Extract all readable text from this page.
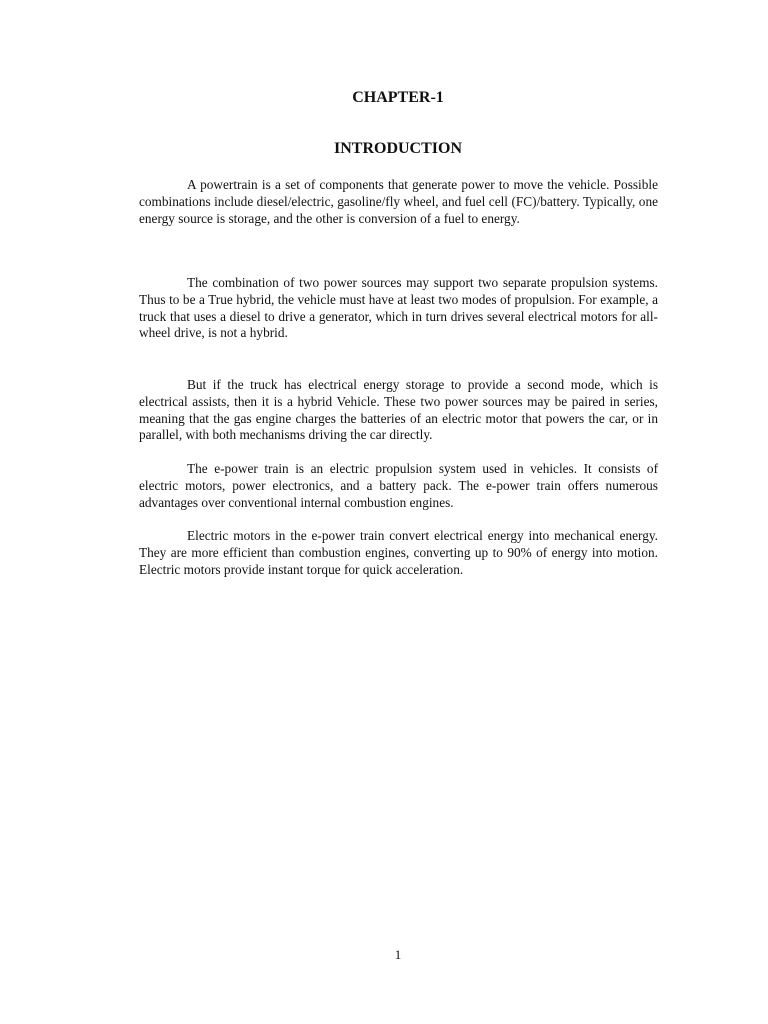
CHAPTER-1
INTRODUCTION

A powertrain is a set of components that generate power to move the vehicle. Possible combinations include diesel/electric, gasoline/fly wheel, and fuel cell (FC)/battery. Typically, one energy source is storage, and the other is conversion of a fuel to energy.

The combination of two power sources may support two separate propulsion systems. Thus to be a True hybrid, the vehicle must have at least two modes of propulsion. For example, a truck that uses a diesel to drive a generator, which in turn drives several electrical motors for all-wheel drive, is not a hybrid.

But if the truck has electrical energy storage to provide a second mode, which is electrical assists, then it is a hybrid Vehicle. These two power sources may be paired in series, meaning that the gas engine charges the batteries of an electric motor that powers the car, or in parallel, with both mechanisms driving the car directly.

The e-power train is an electric propulsion system used in vehicles. It consists of electric motors, power electronics, and a battery pack. The e-power train offers numerous advantages over conventional internal combustion engines.

Electric motors in the e-power train convert electrical energy into mechanical energy. They are more efficient than combustion engines, converting up to 90% of energy into motion. Electric motors provide instant torque for quick acceleration.

1
